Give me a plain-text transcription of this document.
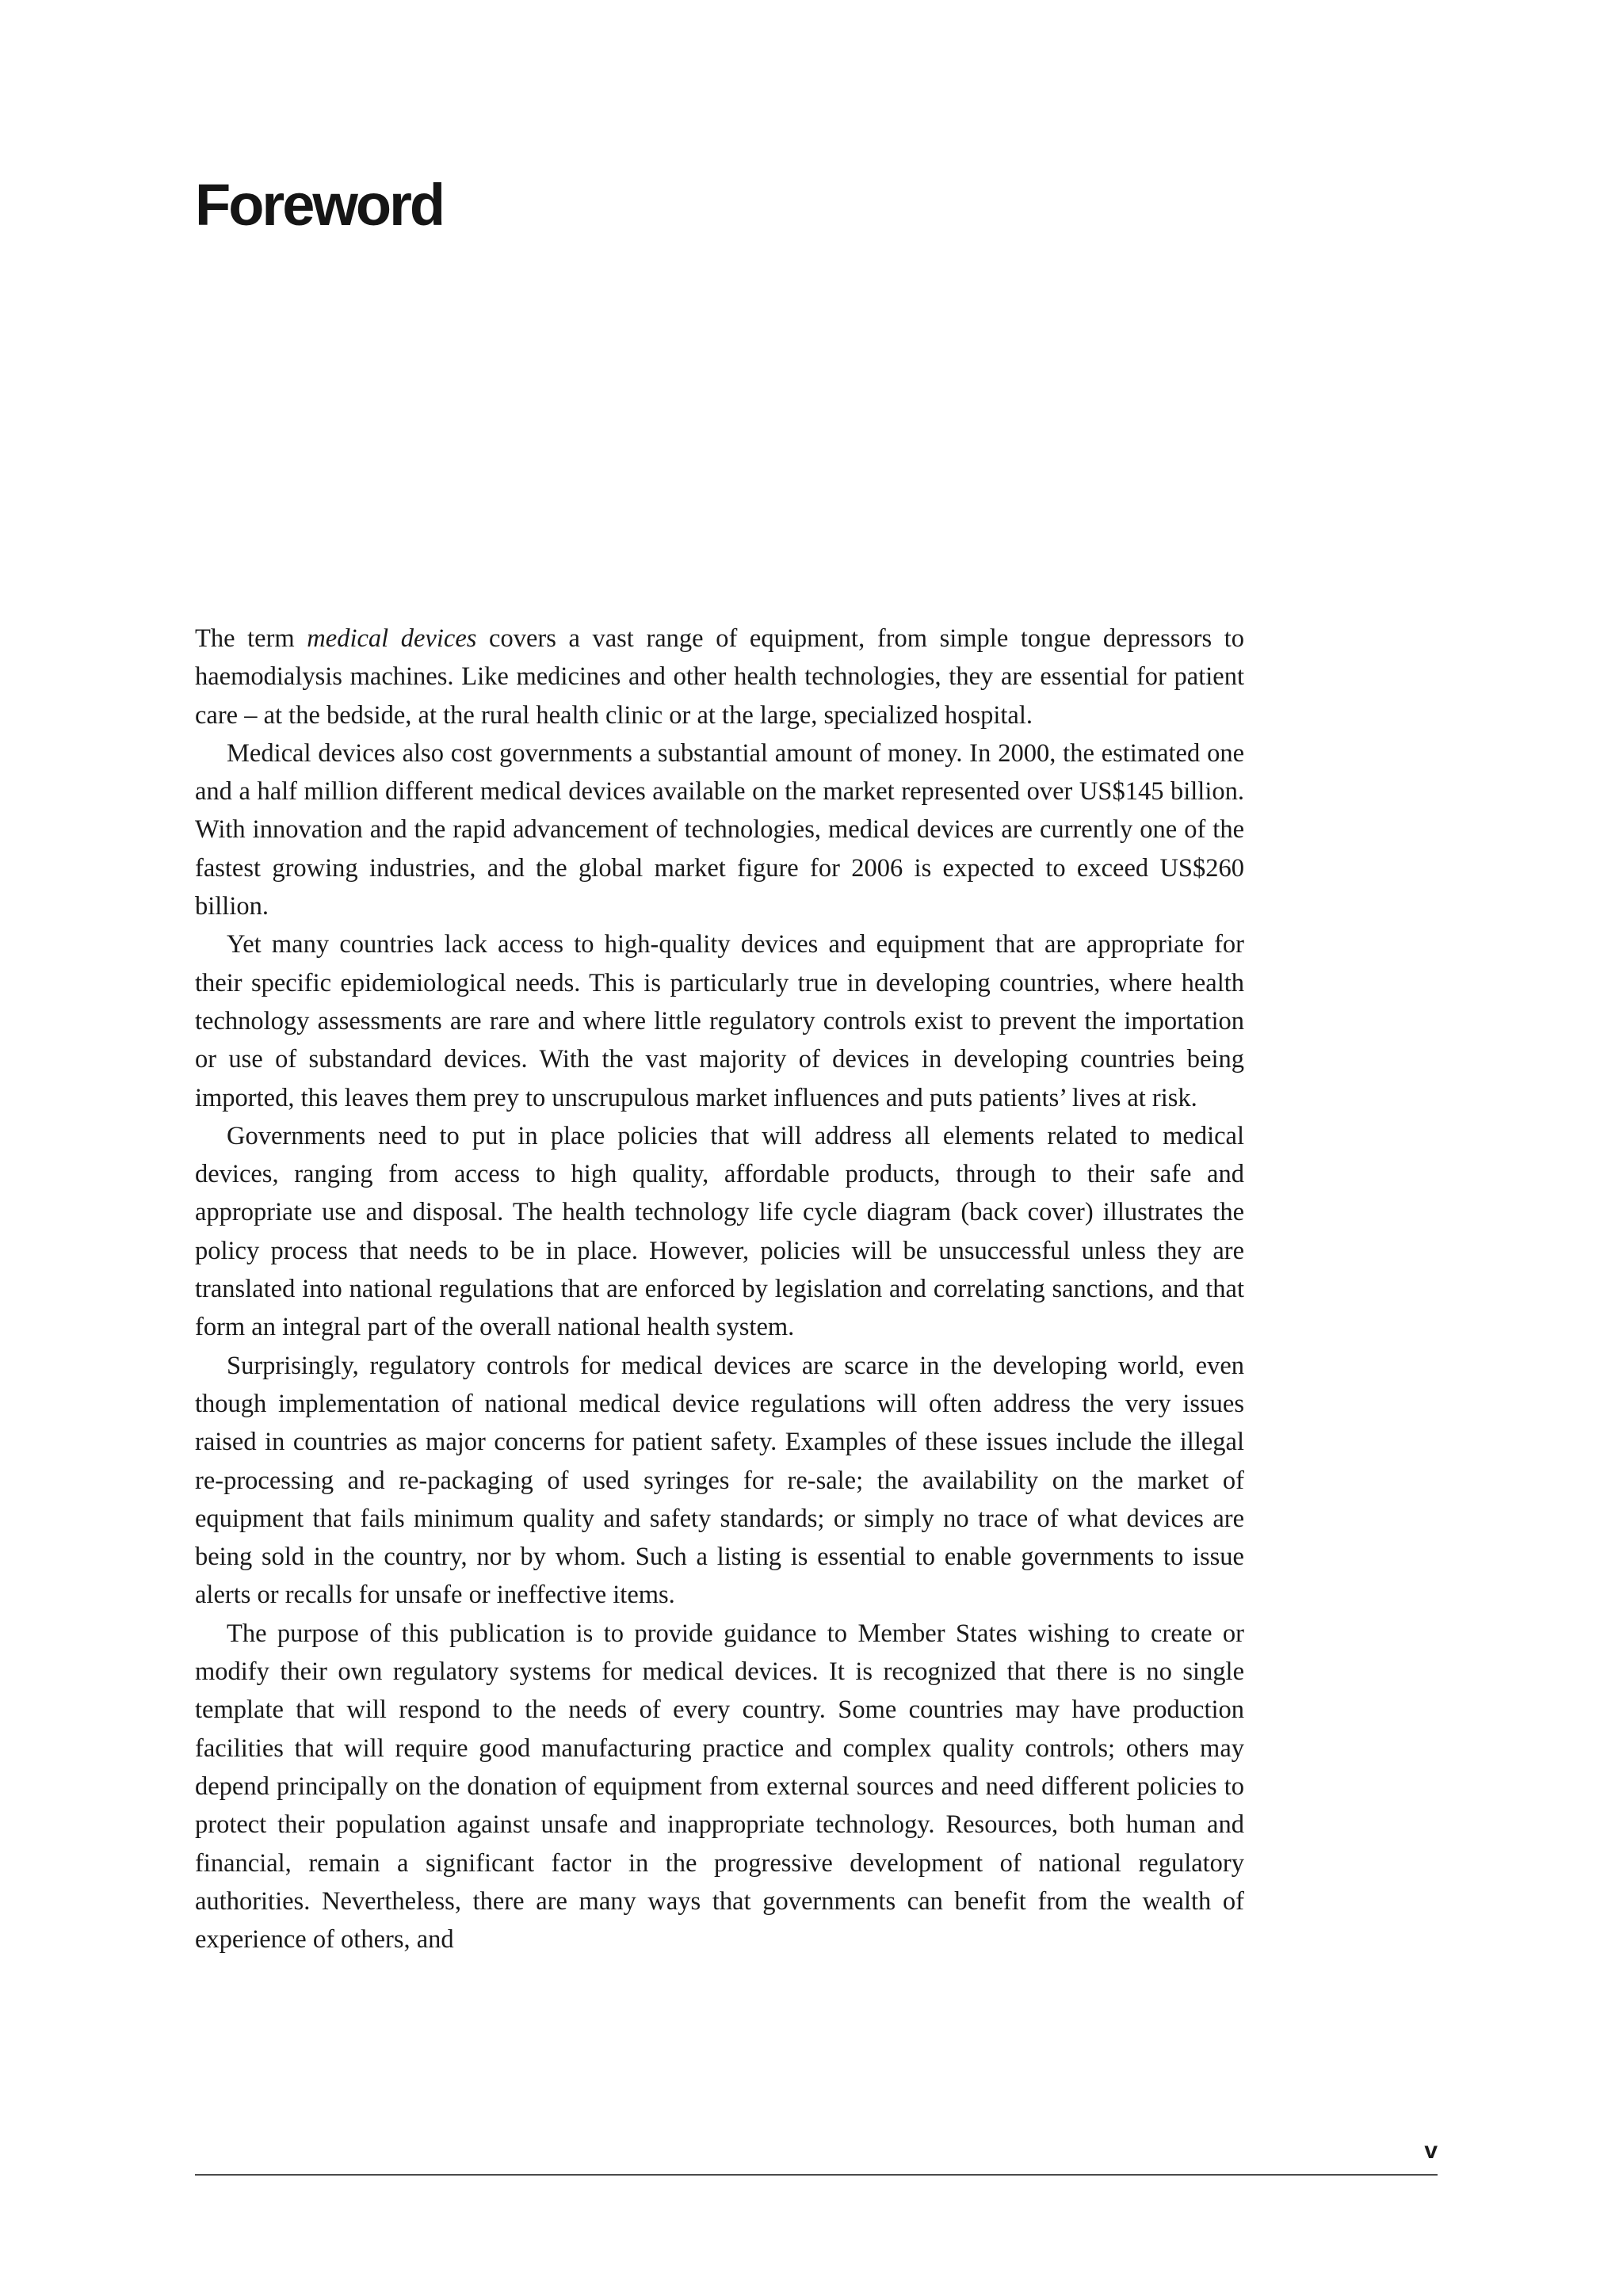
Foreword

The term medical devices covers a vast range of equipment, from simple tongue depressors to haemodialysis machines. Like medicines and other health technologies, they are essential for patient care – at the bedside, at the rural health clinic or at the large, specialized hospital.

Medical devices also cost governments a substantial amount of money. In 2000, the estimated one and a half million different medical devices available on the market represented over US$145 billion. With innovation and the rapid advancement of technologies, medical devices are currently one of the fastest growing industries, and the global market figure for 2006 is expected to exceed US$260 billion.

Yet many countries lack access to high-quality devices and equipment that are appropriate for their specific epidemiological needs. This is particularly true in developing countries, where health technology assessments are rare and where little regulatory controls exist to prevent the importation or use of substandard devices. With the vast majority of devices in developing countries being imported, this leaves them prey to unscrupulous market influences and puts patients’ lives at risk.

Governments need to put in place policies that will address all elements related to medical devices, ranging from access to high quality, affordable products, through to their safe and appropriate use and disposal. The health technology life cycle diagram (back cover) illustrates the policy process that needs to be in place. However, policies will be unsuccessful unless they are translated into national regulations that are enforced by legislation and correlating sanctions, and that form an integral part of the overall national health system.

Surprisingly, regulatory controls for medical devices are scarce in the developing world, even though implementation of national medical device regulations will often address the very issues raised in countries as major concerns for patient safety. Examples of these issues include the illegal re-processing and re-packaging of used syringes for re-sale; the availability on the market of equipment that fails minimum quality and safety standards; or simply no trace of what devices are being sold in the country, nor by whom. Such a listing is essential to enable governments to issue alerts or recalls for unsafe or ineffective items.

The purpose of this publication is to provide guidance to Member States wishing to create or modify their own regulatory systems for medical devices. It is recognized that there is no single template that will respond to the needs of every country. Some countries may have production facilities that will require good manufacturing practice and complex quality controls; others may depend principally on the donation of equipment from external sources and need different policies to protect their population against unsafe and inappropriate technology. Resources, both human and financial, remain a significant factor in the progressive development of national regulatory authorities. Nevertheless, there are many ways that governments can benefit from the wealth of experience of others, and

v
